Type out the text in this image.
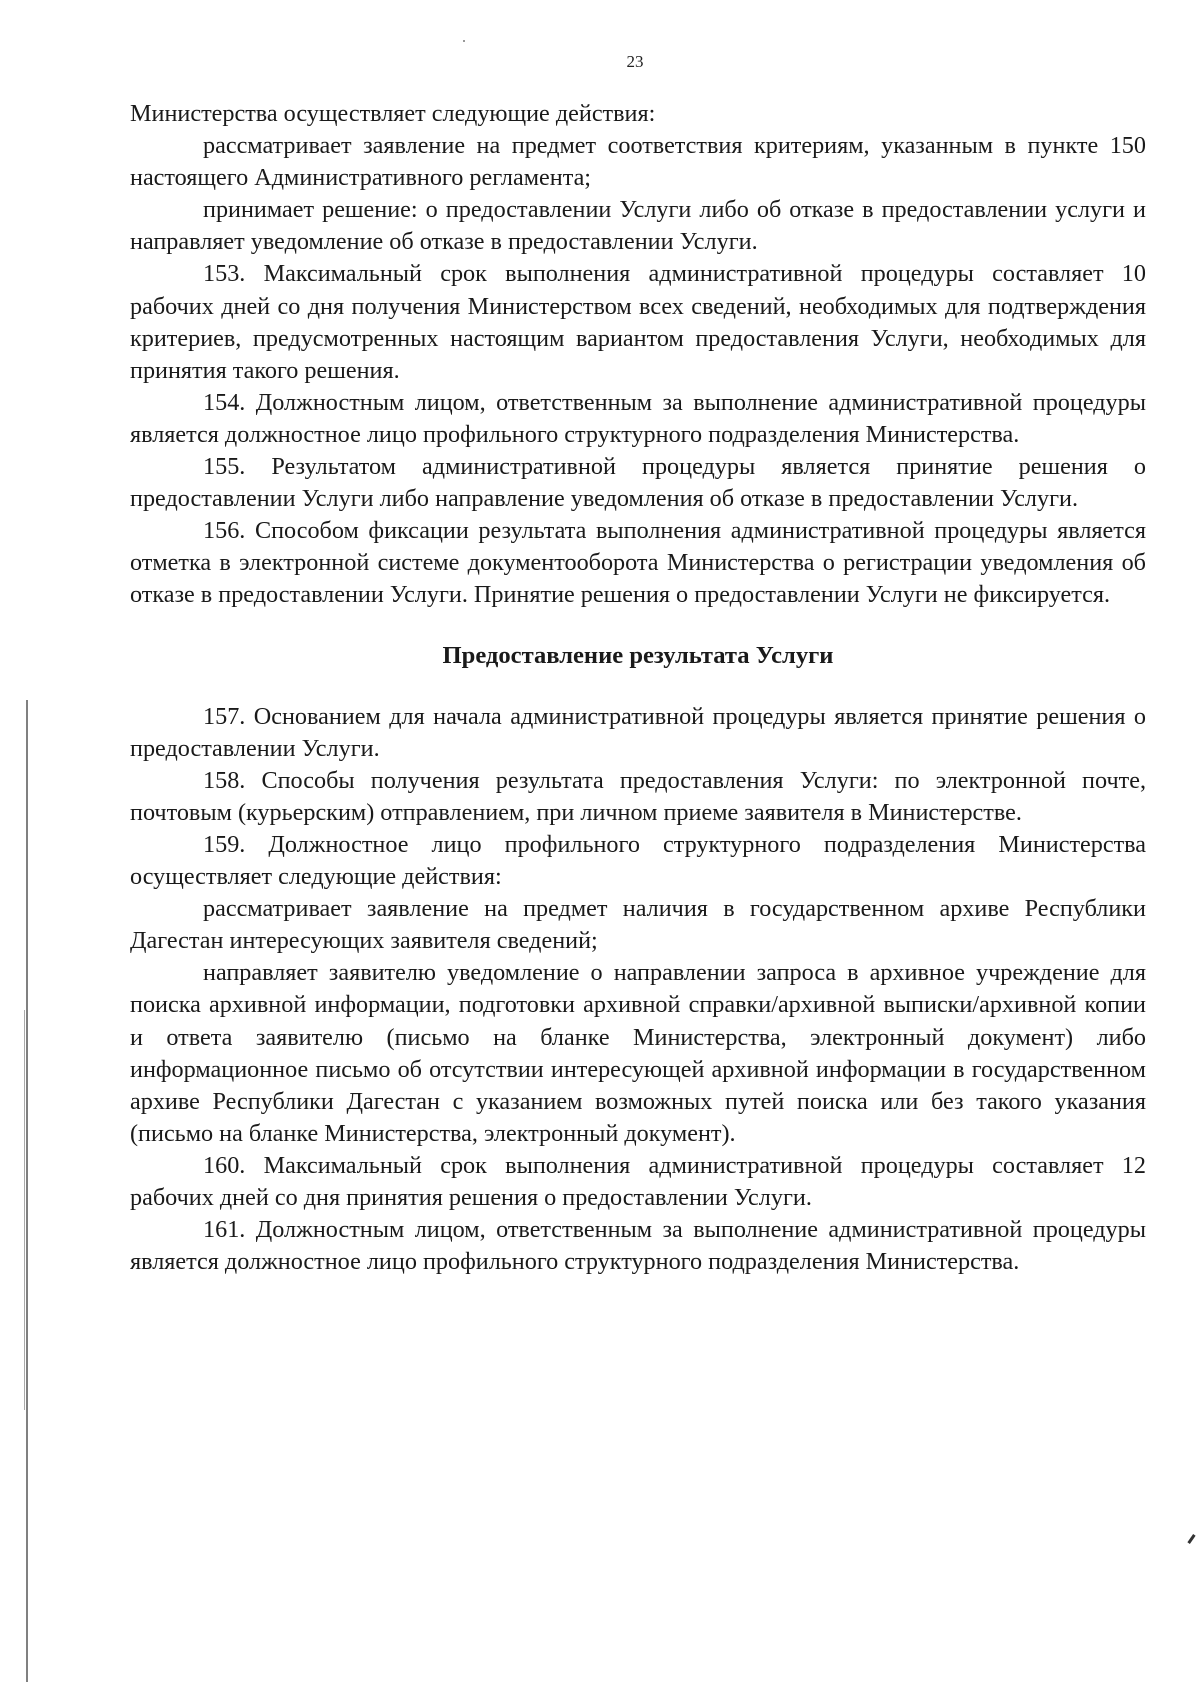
23

Министерства осуществляет следующие действия:

рассматривает заявление на предмет соответствия критериям, указанным в пункте 150 настоящего Административного регламента;

принимает решение: о предоставлении Услуги либо об отказе в предоставлении услуги и направляет уведомление об отказе в предоставлении Услуги.

153. Максимальный срок выполнения административной процедуры составляет 10 рабочих дней со дня получения Министерством всех сведений, необходимых для подтверждения критериев, предусмотренных настоящим вариантом предоставления Услуги, необходимых для принятия такого решения.

154. Должностным лицом, ответственным за выполнение административной процедуры является должностное лицо профильного структурного подразделения Министерства.

155. Результатом административной процедуры является принятие решения о предоставлении Услуги либо направление уведомления об отказе в предоставлении Услуги.

156. Способом фиксации результата выполнения административной процедуры является отметка в электронной системе документооборота Министерства о регистрации уведомления об отказе в предоставлении Услуги. Принятие решения о предоставлении Услуги не фиксируется.

Предоставление результата Услуги

157. Основанием для начала административной процедуры является принятие решения о предоставлении Услуги.

158. Способы получения результата предоставления Услуги: по электронной почте, почтовым (курьерским) отправлением, при личном приеме заявителя в Министерстве.

159. Должностное лицо профильного структурного подразделения Министерства осуществляет следующие действия:

рассматривает заявление на предмет наличия в государственном архиве Республики Дагестан интересующих заявителя сведений;

направляет заявителю уведомление о направлении запроса в архивное учреждение для поиска архивной информации, подготовки архивной справки/архивной выписки/архивной копии и ответа заявителю (письмо на бланке Министерства, электронный документ) либо информационное письмо об отсутствии интересующей архивной информации в государственном архиве Республики Дагестан с указанием возможных путей поиска или без такого указания (письмо на бланке Министерства, электронный документ).

160. Максимальный срок выполнения административной процедуры составляет 12 рабочих дней со дня принятия решения о предоставлении Услуги.

161. Должностным лицом, ответственным за выполнение административной процедуры является должностное лицо профильного структурного подразделения Министерства.
